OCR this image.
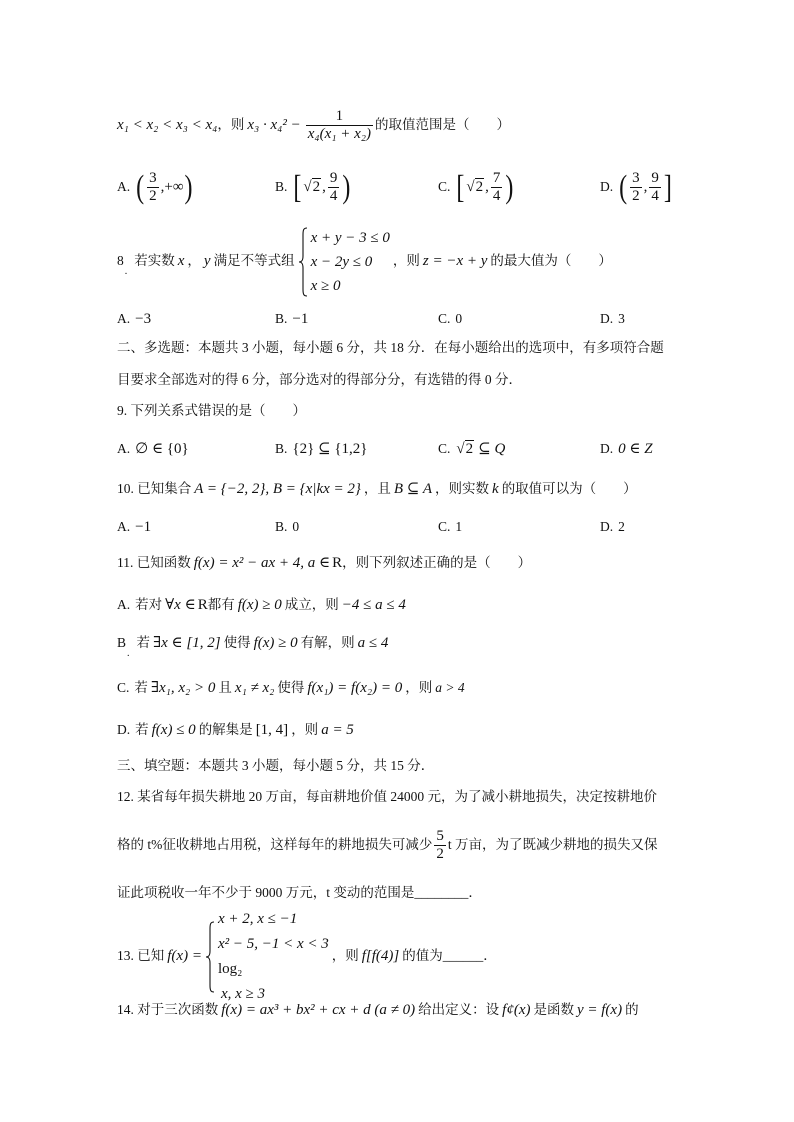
x₁ < x₂ < x₃ < x₄，则 $x_3 \cdot x_4^2 - \frac{1}{\text{x₄(x₁ + x₂)}}$ 的取值范围是（　　）
A. ( $\frac{3}{2}$ ,+∞)	B. [ √2 , $\frac{9}{4}$ )	C. [ √2 , $\frac{7}{4}$ )	D. ( $\frac{3}{2}$ , $\frac{9}{4}$ ]
$8_.$若实数 x ， y 满足不等式组
x + y − 3 ≤ 0
x − 2y ≤ 0
x ≥ 0
，则 z = −x + y 的最大值为（　　）
A. −3	B. −1	C. 0	D. 3
二、多选题：本题共 3 小题，每小题 6 分，共 18 分．在每小题给出的选项中，有多项符合题
目要求全部选对的得 6 分，部分选对的得部分分，有选错的得 0 分．
9. 下列关系式错误的是（　　）
A. ∅ ∈ {0}	B. {2} ⊆ {1,2}	C. √2 ⊆ Q	D. 0 ∈ Z
10. 已知集合 A = {−2, 2}, B = {x|kx = 2} ，且 B ⊆ A ，则实数 k 的取值可以为（　　）
A. −1	B. 0	C. 1	D. 2
11. 已知函数 f(x) = x² − ax + 4, a ∈ R，则下列叙述正确的是（　　）
A. 若对 ∀x ∈ R都有 f(x) ≥ 0 成立，则 −4 ≤ a ≤ 4
$B_.$若 ∃x ∈ [1, 2] 使得 f(x) ≥ 0 有解，则 a ≤ 4
C. 若 ∃x₁, x₂ > 0 且 x₁ ≠ x₂ 使得 f(x₁) = f(x₂) = 0 ，则 a > 4
D. 若 f(x) ≤ 0 的解集是 [1, 4] ，则 a = 5
三、填空题：本题共 3 小题，每小题 5 分，共 15 分．
12. 某省每年损失耕地 20 万亩，每亩耕地价值 24000 元，为了减小耕地损失，决定按耕地价
格的 t%征收耕地占用税，这样每年的耕地损失可减少 $\frac{5}{2}$ t 万亩，为了既减少耕地的损失又保
证此项税收一年不少于 9000 万元，t 变动的范围是________．
13. 已知 f(x) =
x + 2, x ≤ −1
x² − 5, −1 < x < 3
log₂
x, x ≥ 3
，则 f[f(4)] 的值为______．
14. 对于三次函数 f(x) = ax³ + bx² + cx + d (a ≠ 0) 给出定义：设 f¢(x) 是函数 y = f(x) 的
